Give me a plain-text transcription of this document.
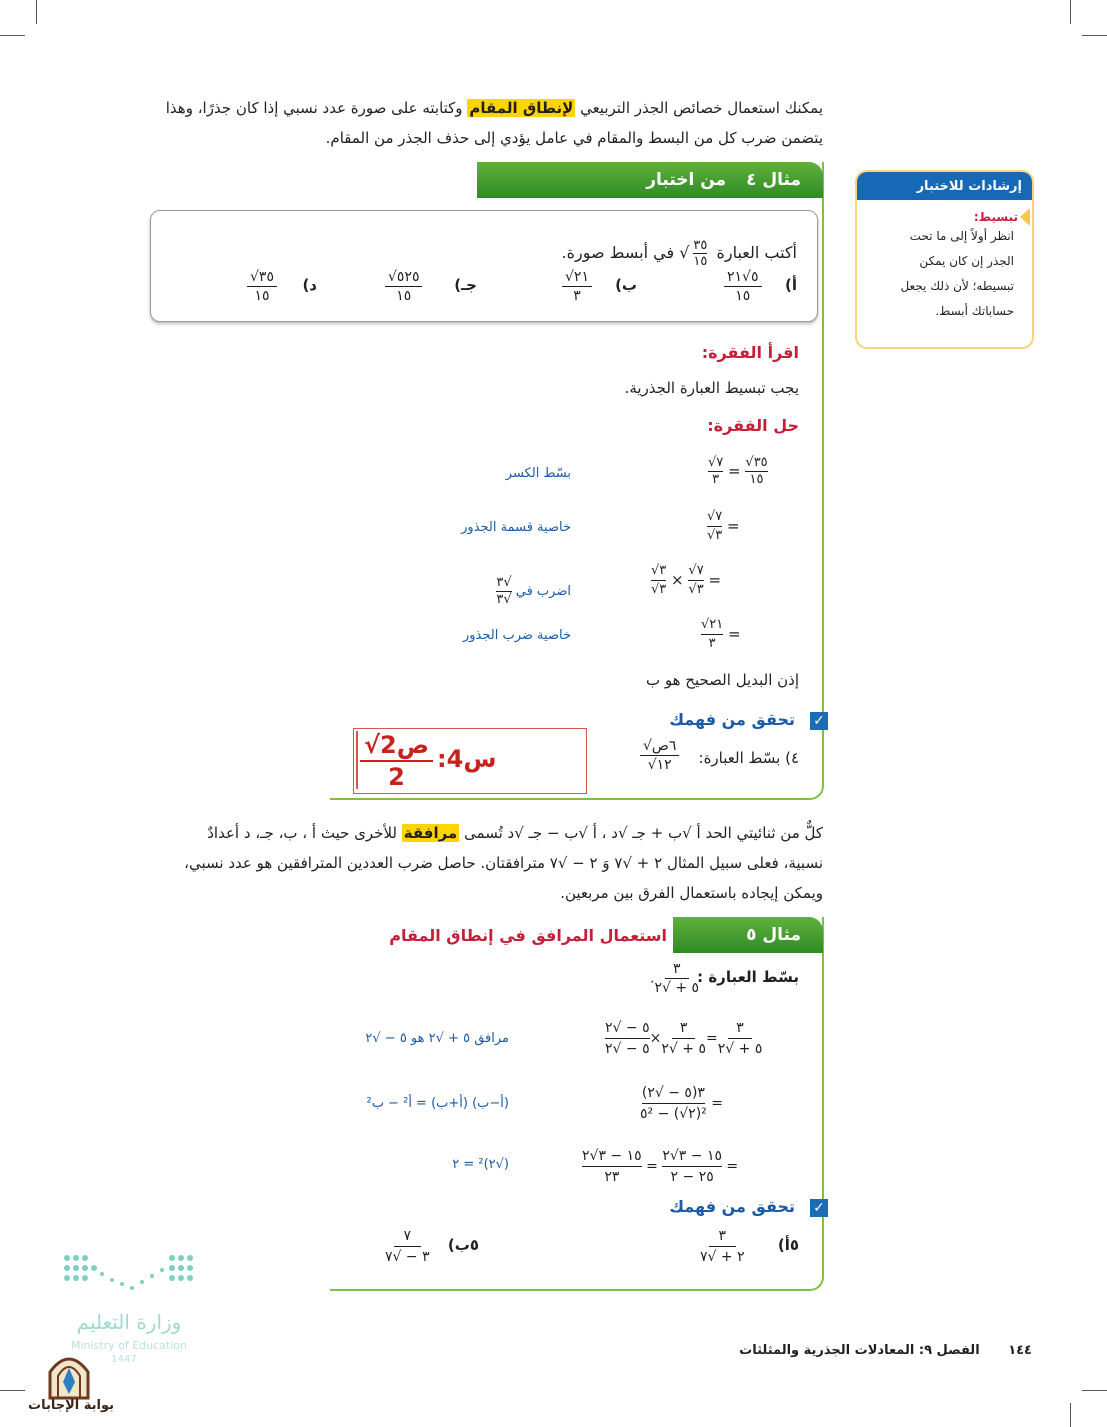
يمكنك استعمال خصائص الجذر التربيعي لإنطاق المقام وكتابته على صورة عدد نسبي إذا كان جذرًا، وهذا
يتضمن ضرب كل من البسط والمقام في عامل يؤدي إلى حذف الجذر من المقام.
مثال ٤
من اختبار
أكتب العبارة
٣٥
١٥
√ في أبسط صورة.
أ)
٥√٢١
١٥
ب)
√٢١
٣
جـ)
√٥٢٥
١٥
د)
√٣٥
١٥
اقرأ الفقرة:
يجب تبسيط العبارة الجذرية.
حل الفقرة:
√٧
٣ = √٣٥
١٥
بسّط الكسر
√٧
√٣
=
خاصية قسمة الجذور
√٣
√٣
×
√٧
√٣
=
اضرب في
√٣
√٣
√٢١
٣
=
خاصية ضرب الجذور
إذن البديل الصحيح هو ب
✓
تحقق من فهمك
٤) بسّط العبارة:
√٦ص
√١٢
س4:
√2ص
2
كلٌّ من ثنائيتي الحد أ √ب + جـ √د ، أ √ب − جـ √د تُسمى مرافقة للأخرى حيث أ ، ب، جـ، د أعدادٌ
نسبية، فعلى سبيل المثال ٢ + √٧ وَ ٢ − √٧ مترافقتان. حاصل ضرب العددين المترافقين هو عدد نسبي،
ويمكن إيجاده باستعمال الفرق بين مربعين.
مثال ٥
استعمال المرافق في إنطاق المقام
بسّط العبارة :
.
٣
٥ + √٢
٥ − √٢
٥ − √٢
×
٣
٥ + √٢
=
٣
٥ + √٢
مرافق ٥ + √٢ هو ٥ − √٢
٣(٥ − √٢)
٥² − (√٢)²
=
(أ−ب) (أ+ب) = أ² − ب²
١٥ − ٣√٢
٢٣
=
١٥ − ٣√٢
٢٥ − ٢
=
(√٢)² = ٢
✓
تحقق من فهمك
٥أ)
٣
٢ + √٧
٥ب)
٧
٣ − √٧
إرشادات للاختبار
تبسيط:
انظر أولاً إلى ما تحت
الجذر إن كان يمكن
تبسيطه؛ لأن ذلك يجعل
حساباتك أبسط.
١٤٤ الفصل ٩: المعادلات الجذرية والمثلثات
وزارة التعليم
Ministry of Education
1447
بوابة الإجابات
